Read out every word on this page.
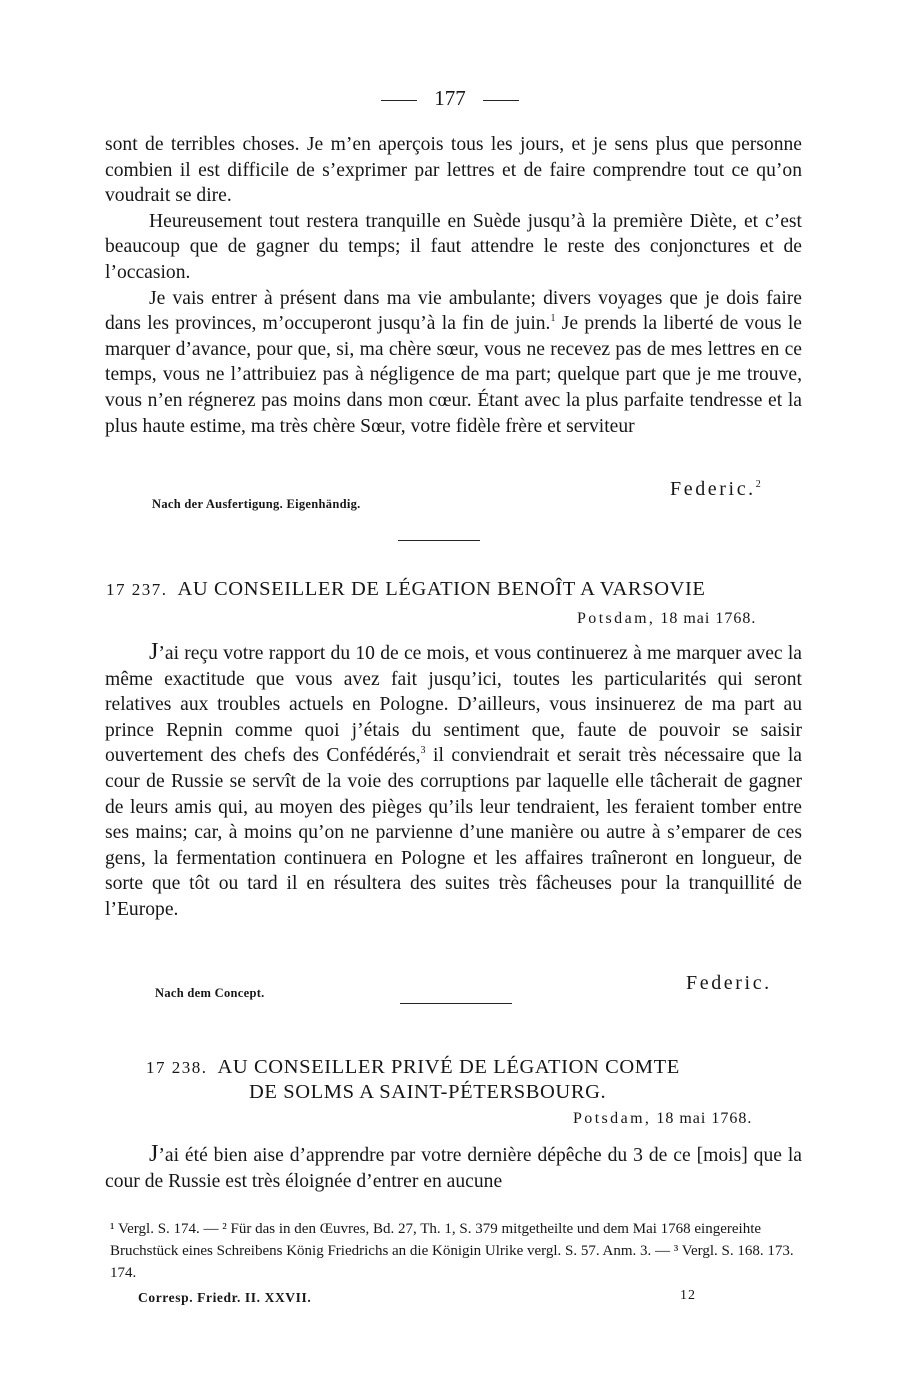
177

sont de terribles choses. Je m’en aperçois tous les jours, et je sens plus que personne combien il est difficile de s’exprimer par lettres et de faire comprendre tout ce qu’on voudrait se dire.

Heureusement tout restera tranquille en Suède jusqu’à la première Diète, et c’est beaucoup que de gagner du temps; il faut attendre le reste des conjonctures et de l’occasion.

Je vais entrer à présent dans ma vie ambulante; divers voyages que je dois faire dans les provinces, m’occuperont jusqu’à la fin de juin.$^1$ Je prends la liberté de vous le marquer d’avance, pour que, si, ma chère sœur, vous ne recevez pas de mes lettres en ce temps, vous ne l’attribuiez pas à négligence de ma part; quelque part que je me trouve, vous n’en régnerez pas moins dans mon cœur. Étant avec la plus parfaite tendresse et la plus haute estime, ma très chère Sœur, votre fidèle frère et serviteur

Federic.$^2$
Nach der Ausfertigung. Eigenhändig.
17 237. AU CONSEILLER DE LÉGATION BENOÎT A VARSOVIE
Potsdam, 18 mai 1768.

J’ai reçu votre rapport du 10 de ce mois, et vous continuerez à me marquer avec la même exactitude que vous avez fait jusqu’ici, toutes les particularités qui seront relatives aux troubles actuels en Pologne. D’ailleurs, vous insinuerez de ma part au prince Repnin comme quoi j’étais du sentiment que, faute de pouvoir se saisir ouvertement des chefs des Confédérés,$^3$ il conviendrait et serait très nécessaire que la cour de Russie se servît de la voie des corruptions par laquelle elle tâcherait de gagner de leurs amis qui, au moyen des pièges qu’ils leur tendraient, les feraient tomber entre ses mains; car, à moins qu’on ne parvienne d’une manière ou autre à s’emparer de ces gens, la fermentation continuera en Pologne et les affaires traîneront en longueur, de sorte que tôt ou tard il en résultera des suites très fâcheuses pour la tranquillité de l’Europe.

Federic.
Nach dem Concept.
17 238. AU CONSEILLER PRIVÉ DE LÉGATION COMTE
DE SOLMS A SAINT-PÉTERSBOURG.
Potsdam, 18 mai 1768.

J’ai été bien aise d’apprendre par votre dernière dépêche du 3 de ce [mois] que la cour de Russie est très éloignée d’entrer en aucune

¹ Vergl. S. 174. — ² Für das in den Œuvres, Bd. 27, Th. 1, S. 379 mitgetheilte und dem Mai 1768 eingereihte Bruchstück eines Schreibens König Friedrichs an die Königin Ulrike vergl. S. 57. Anm. 3. — ³ Vergl. S. 168. 173. 174.

Corresp. Friedr. II. XXVII.	12
